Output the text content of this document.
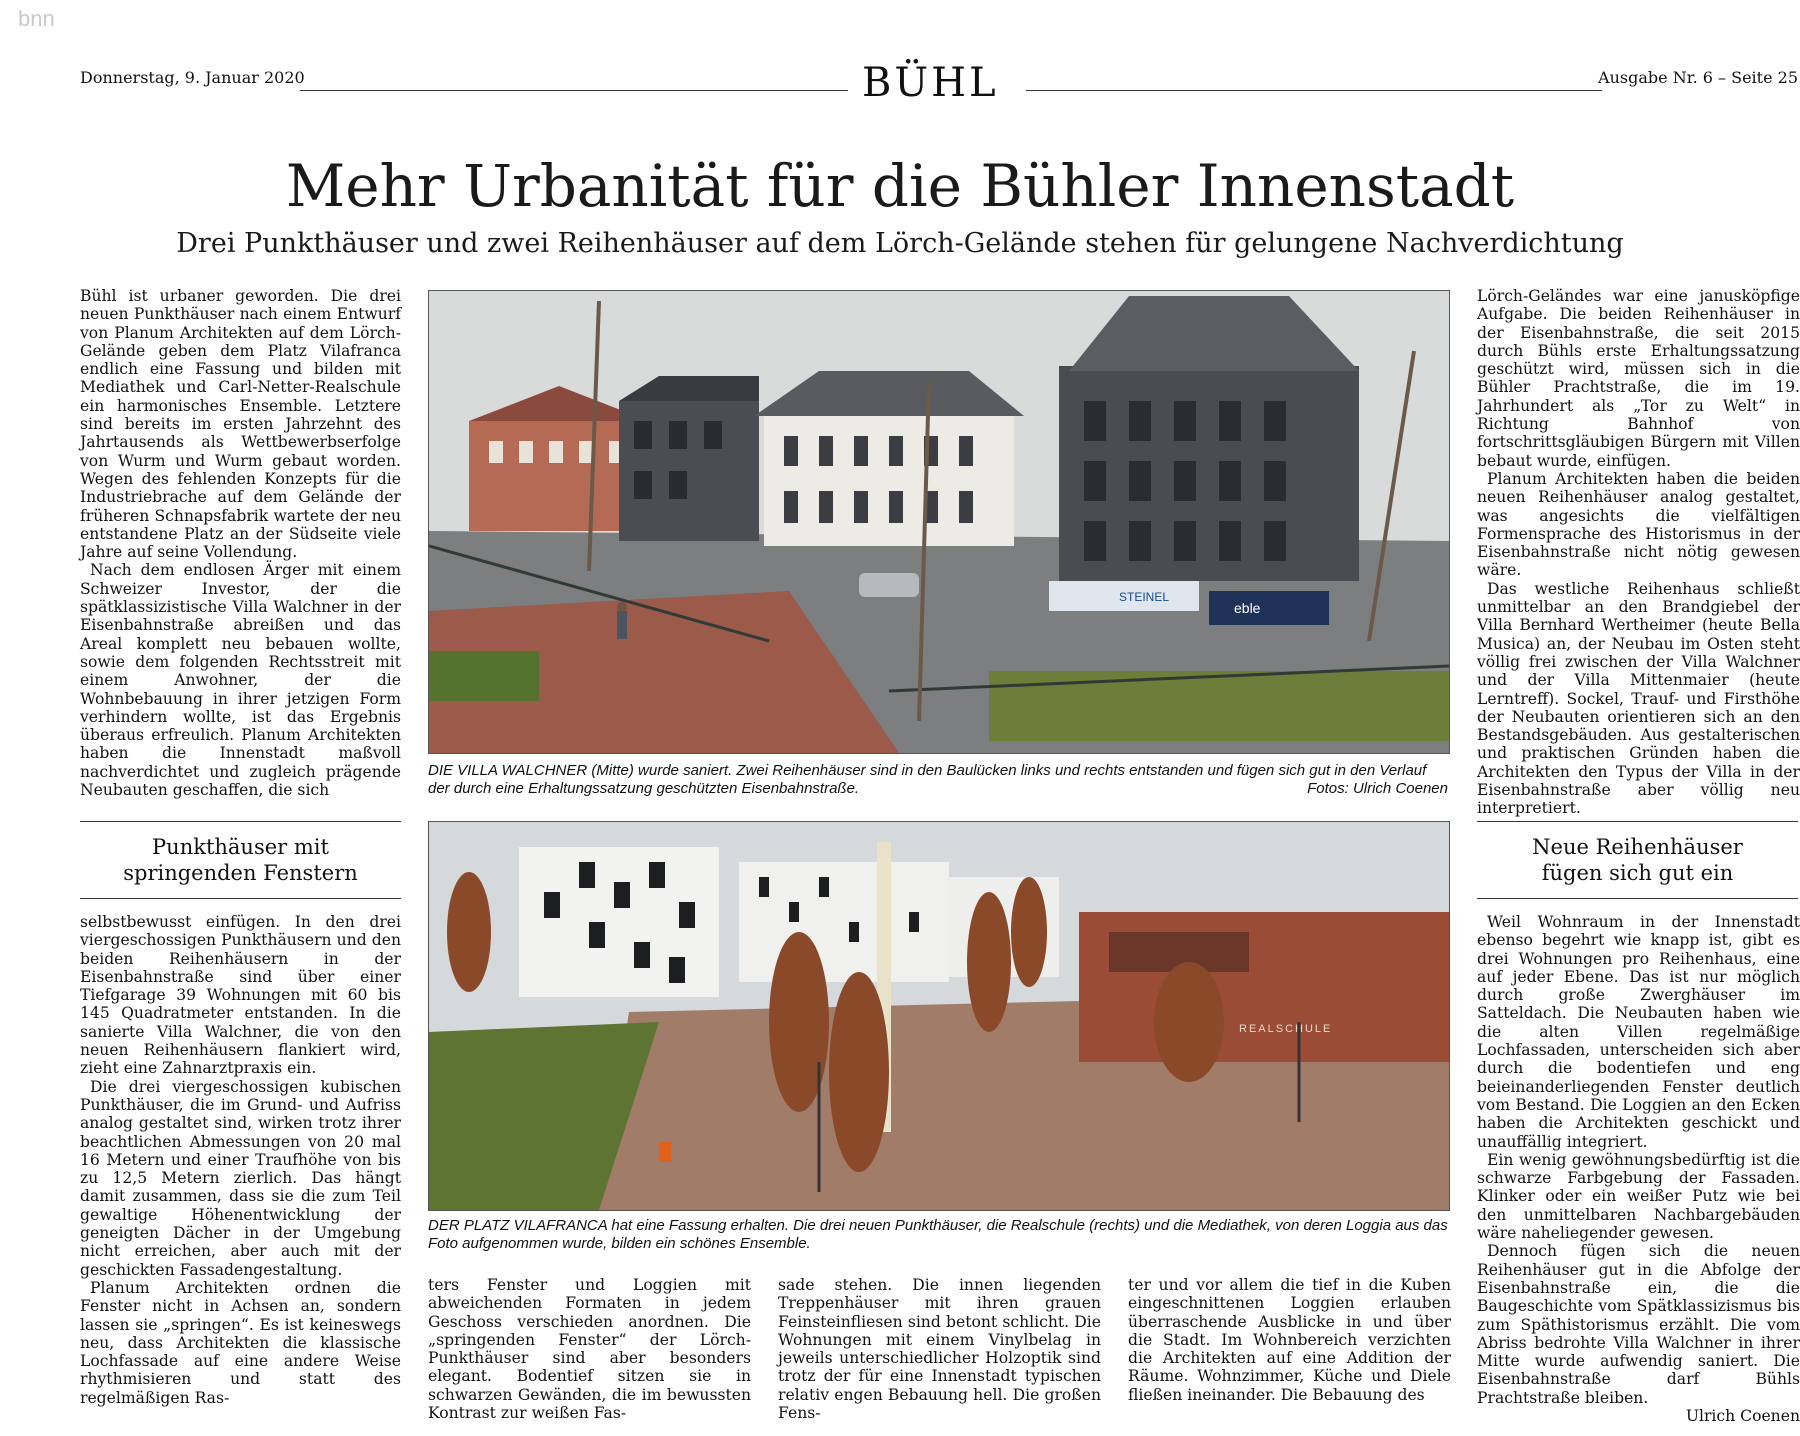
bnn
Donnerstag, 9. Januar 2020	BÜHL	Ausgabe Nr. 6 – Seite 25
Mehr Urbanität für die Bühler Innenstadt
Drei Punkthäuser und zwei Reihenhäuser auf dem Lörch-Gelände stehen für gelungene Nachverdichtung

Bühl ist urbaner geworden. Die drei neuen Punkthäuser nach einem Entwurf von Planum Architekten auf dem Lörch-Gelände geben dem Platz Vilafranca endlich eine Fassung und bilden mit Mediathek und Carl-Netter-Realschule ein harmonisches Ensemble. Letztere sind bereits im ersten Jahrzehnt des Jahrtausends als Wettbewerbserfolge von Wurm und Wurm gebaut worden. Wegen des fehlenden Konzepts für die Industriebrache auf dem Gelände der früheren Schnapsfabrik wartete der neu entstandene Platz an der Südseite viele Jahre auf seine Vollendung.

Nach dem endlosen Ärger mit einem Schweizer Investor, der die spätklassizistische Villa Walchner in der Eisenbahnstraße abreißen und das Areal komplett neu bebauen wollte, sowie dem folgenden Rechtsstreit mit einem Anwohner, der die Wohnbebauung in ihrer jetzigen Form verhindern wollte, ist das Ergebnis überaus erfreulich. Planum Architekten haben die Innenstadt maßvoll nachverdichtet und zugleich prägende Neubauten geschaffen, die sich

Punkthäuser mit
springenden Fenstern

selbstbewusst einfügen. In den drei viergeschossigen Punkthäusern und den beiden Reihenhäusern in der Eisenbahnstraße sind über einer Tiefgarage 39 Wohnungen mit 60 bis 145 Quadratmeter entstanden. In die sanierte Villa Walchner, die von den neuen Reihenhäusern flankiert wird, zieht eine Zahnarztpraxis ein.

Die drei viergeschossigen kubischen Punkthäuser, die im Grund- und Aufriss analog gestaltet sind, wirken trotz ihrer beachtlichen Abmessungen von 20 mal 16 Metern und einer Traufhöhe von bis zu 12,5 Metern zierlich. Das hängt damit zusammen, dass sie die zum Teil gewaltige Höhenentwicklung der geneigten Dächer in der Umgebung nicht erreichen, aber auch mit der geschickten Fassadengestaltung.

Planum Architekten ordnen die Fenster nicht in Achsen an, sondern lassen sie „springen“. Es ist keineswegs neu, dass Architekten die klassische Lochfassade auf eine andere Weise rhythmisieren und statt des regelmäßigen Ras-

STEINEL
eble
DIE VILLA WALCHNER (Mitte) wurde saniert. Zwei Reihenhäuser sind in den Baulücken links und rechts entstanden und fügen sich gut in den Verlauf der durch eine Erhaltungssatzung geschützten Eisenbahnstraße.	Fotos: Ulrich Coenen
REALSCHULE
DER PLATZ VILAFRANCA hat eine Fassung erhalten. Die drei neuen Punkthäuser, die Realschule (rechts) und die Mediathek, von deren Loggia aus das Foto aufgenommen wurde, bilden ein schönes Ensemble.

ters Fenster und Loggien mit abweichenden Formaten in jedem Geschoss verschieden anordnen. Die „springenden Fenster“ der Lörch-Punkthäuser sind aber besonders elegant. Bodentief sitzen sie in schwarzen Gewänden, die im bewussten Kontrast zur weißen Fas-

sade stehen. Die innen liegenden Treppenhäuser mit ihren grauen Feinsteinfliesen sind betont schlicht. Die Wohnungen mit einem Vinylbelag in jeweils unterschiedlicher Holzoptik sind trotz der für eine Innenstadt typischen relativ engen Bebauung hell. Die großen Fens-

ter und vor allem die tief in die Kuben eingeschnittenen Loggien erlauben überraschende Ausblicke in und über die Stadt. Im Wohnbereich verzichten die Architekten auf eine Addition der Räume. Wohnzimmer, Küche und Diele fließen ineinander. Die Bebauung des

Lörch-Geländes war eine janusköpfige Aufgabe. Die beiden Reihenhäuser in der Eisenbahnstraße, die seit 2015 durch Bühls erste Erhaltungssatzung geschützt wird, müssen sich in die Bühler Prachtstraße, die im 19. Jahrhundert als „Tor zu Welt“ in Richtung Bahnhof von fortschrittsgläubigen Bürgern mit Villen bebaut wurde, einfügen.

Planum Architekten haben die beiden neuen Reihenhäuser analog gestaltet, was angesichts die vielfältigen Formensprache des Historismus in der Eisenbahnstraße nicht nötig gewesen wäre.

Das westliche Reihenhaus schließt unmittelbar an den Brandgiebel der Villa Bernhard Wertheimer (heute Bella Musica) an, der Neubau im Osten steht völlig frei zwischen der Villa Walchner und der Villa Mittenmaier (heute Lerntreff). Sockel, Trauf- und Firsthöhe der Neubauten orientieren sich an den Bestandsgebäuden. Aus gestalterischen und praktischen Gründen haben die Architekten den Typus der Villa in der Eisenbahnstraße aber völlig neu interpretiert.

Neue Reihenhäuser
fügen sich gut ein

Weil Wohnraum in der Innenstadt ebenso begehrt wie knapp ist, gibt es drei Wohnungen pro Reihenhaus, eine auf jeder Ebene. Das ist nur möglich durch große Zwerghäuser im Satteldach. Die Neubauten haben wie die alten Villen regelmäßige Lochfassaden, unterscheiden sich aber durch die bodentiefen und eng beieinanderliegenden Fenster deutlich vom Bestand. Die Loggien an den Ecken haben die Architekten geschickt und unauffällig integriert.

Ein wenig gewöhnungsbedürftig ist die schwarze Farbgebung der Fassaden. Klinker oder ein weißer Putz wie bei den unmittelbaren Nachbargebäuden wäre naheliegender gewesen.

Dennoch fügen sich die neuen Reihenhäuser gut in die Abfolge der Eisenbahnstraße ein, die die Baugeschichte vom Spätklassizismus bis zum Späthistorismus erzählt. Die vom Abriss bedrohte Villa Walchner in ihrer Mitte wurde aufwendig saniert. Die Eisenbahnstraße darf Bühls Prachtstraße bleiben.

Ulrich Coenen
